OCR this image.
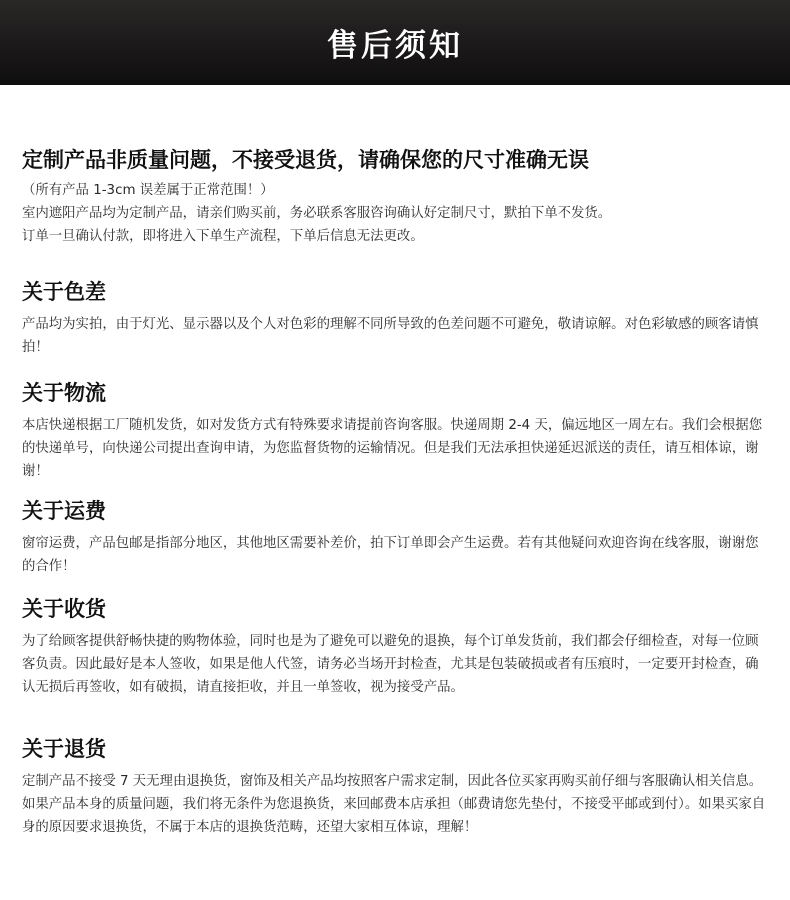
售后须知
定制产品非质量问题，不接受退货，请确保您的尺寸准确无误

（所有产品 1-3cm 误差属于正常范围！）

室内遮阳产品均为定制产品，请亲们购买前，务必联系客服咨询确认好定制尺寸，默拍下单不发货。

订单一旦确认付款，即将进入下单生产流程，下单后信息无法更改。

关于色差

产品均为实拍，由于灯光、显示器以及个人对色彩的理解不同所导致的色差问题不可避免，敬请谅解。对色彩敏感的顾客请慎拍！

关于物流

本店快递根据工厂随机发货，如对发货方式有特殊要求请提前咨询客服。快递周期 2-4 天，偏远地区一周左右。我们会根据您的快递单号，向快递公司提出查询申请，为您监督货物的运输情况。但是我们无法承担快递延迟派送的责任，请互相体谅，谢谢！

关于运费

窗帘运费，产品包邮是指部分地区，其他地区需要补差价，拍下订单即会产生运费。若有其他疑问欢迎咨询在线客服，谢谢您的合作！

关于收货

为了给顾客提供舒畅快捷的购物体验，同时也是为了避免可以避免的退换，每个订单发货前，我们都会仔细检查，对每一位顾客负责。因此最好是本人签收，如果是他人代签，请务必当场开封检查，尤其是包装破损或者有压痕时，一定要开封检查，确认无损后再签收，如有破损，请直接拒收，并且一单签收，视为接受产品。

关于退货

定制产品不接受 7 天无理由退换货，窗饰及相关产品均按照客户需求定制，因此各位买家再购买前仔细与客服确认相关信息。如果产品本身的质量问题，我们将无条件为您退换货，来回邮费本店承担（邮费请您先垫付，不接受平邮或到付）。如果买家自身的原因要求退换货，不属于本店的退换货范畴，还望大家相互体谅，理解！
